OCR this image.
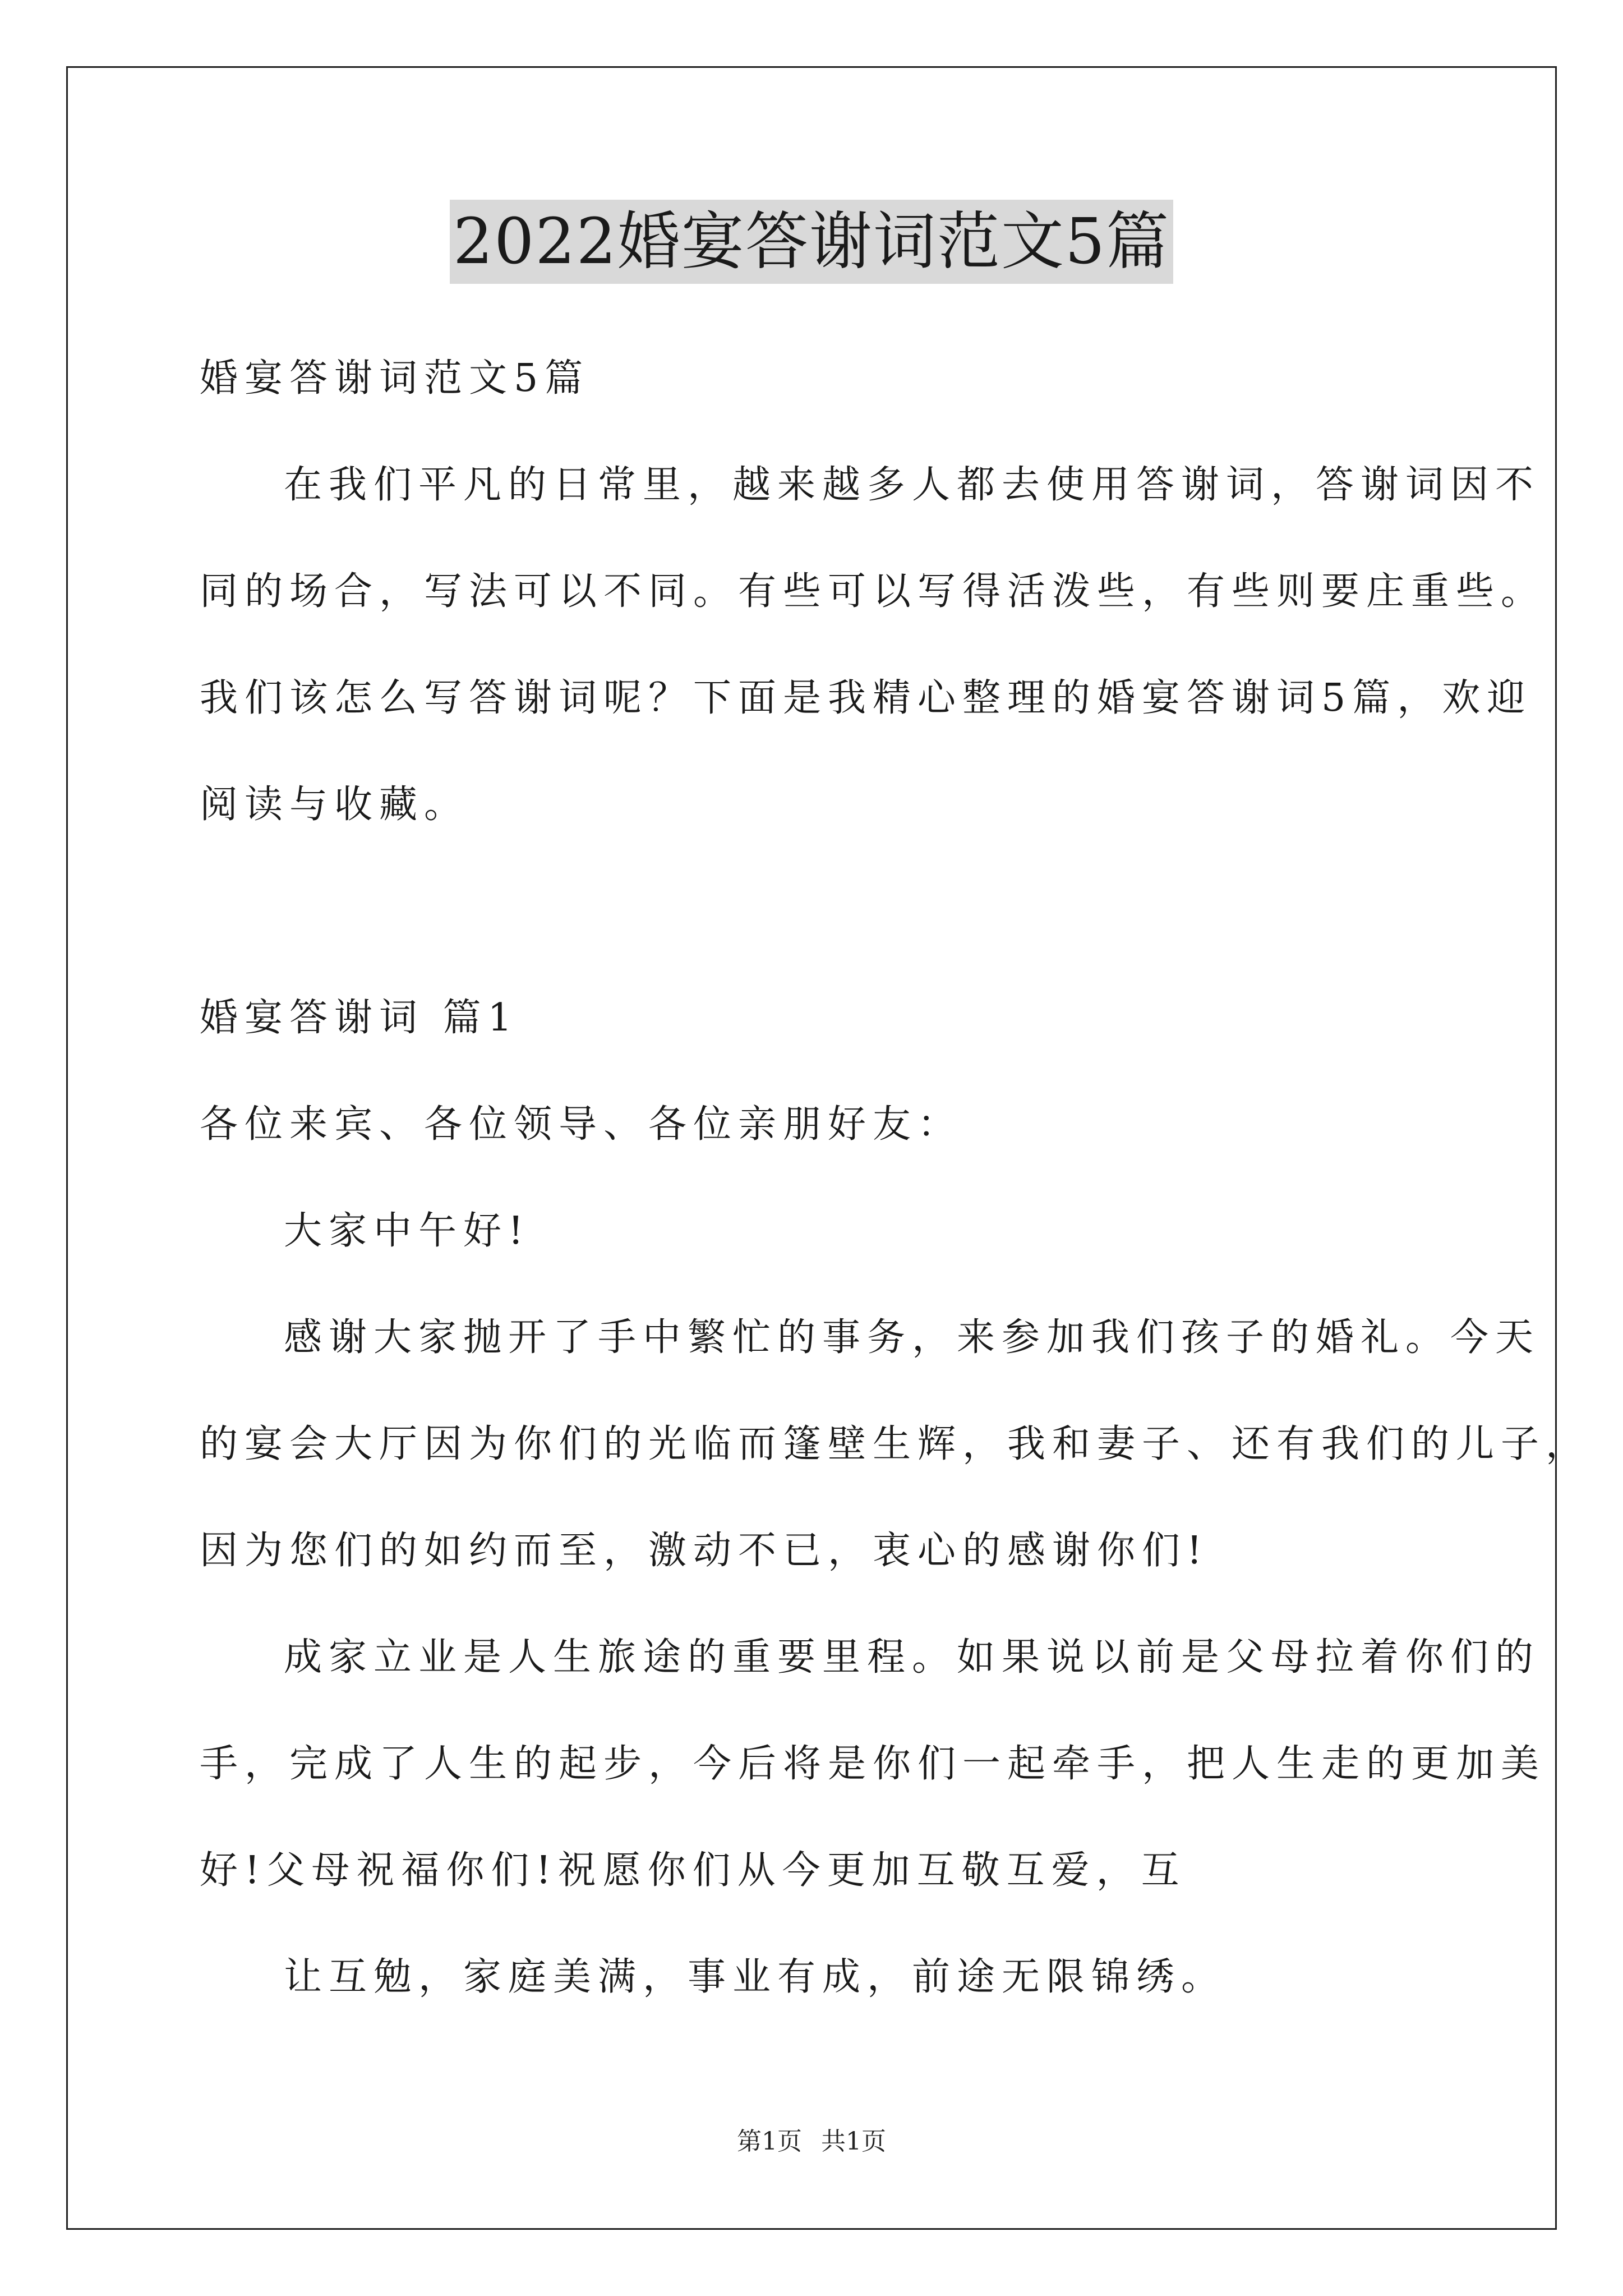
2022婚宴答谢词范文5篇
婚宴答谢词范文5篇
在我们平凡的日常里，越来越多人都去使用答谢词，答谢词因不
同的场合，写法可以不同。有些可以写得活泼些，有些则要庄重些。
我们该怎么写答谢词呢？下面是我精心整理的婚宴答谢词5篇，欢迎
阅读与收藏。
婚宴答谢词 篇1
各位来宾、各位领导、各位亲朋好友：
大家中午好!
感谢大家抛开了手中繁忙的事务，来参加我们孩子的婚礼。今天
的宴会大厅因为你们的光临而篷壁生辉，我和妻子、还有我们的儿子，
因为您们的如约而至，激动不已，衷心的感谢你们!
成家立业是人生旅途的重要里程。如果说以前是父母拉着你们的
手，完成了人生的起步，今后将是你们一起牵手，把人生走的更加美
好!父母祝福你们!祝愿你们从今更加互敬互爱，互
让互勉，家庭美满，事业有成，前途无限锦绣。
第1页 共1页
